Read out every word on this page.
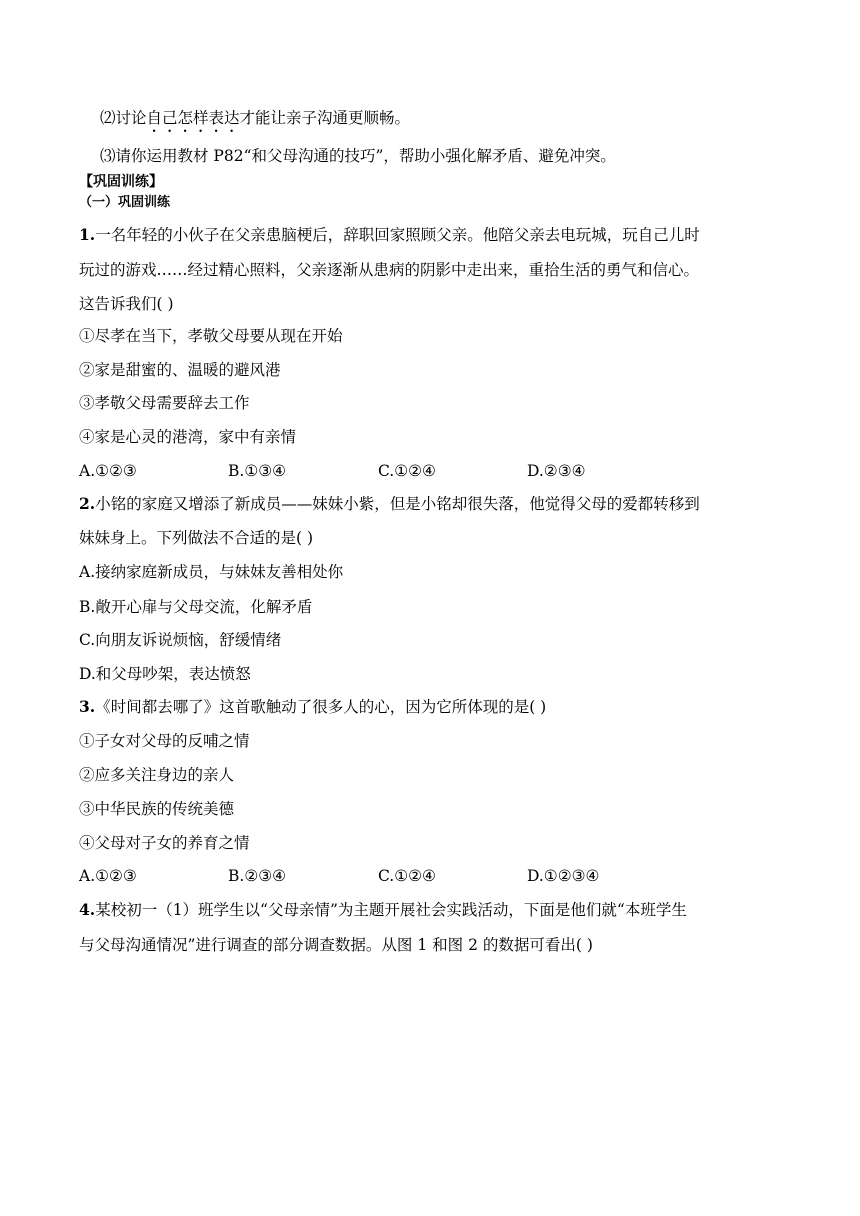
⑵讨论自己怎样表达才能让亲子沟通更顺畅。
⑶请你运用教材 P82“和父母沟通的技巧”，帮助小强化解矛盾、避免冲突。
【巩固训练】
（一）巩固训练
1.一名年轻的小伙子在父亲患脑梗后，辞职回家照顾父亲。他陪父亲去电玩城，玩自己儿时
玩过的游戏……经过精心照料，父亲逐渐从患病的阴影中走出来，重拾生活的勇气和信心。
这告诉我们( )
①尽孝在当下，孝敬父母要从现在开始
②家是甜蜜的、温暖的避风港
③孝敬父母需要辞去工作
④家是心灵的港湾，家中有亲情
A.①②③	B.①③④	C.①②④	D.②③④
2.小铭的家庭又增添了新成员——妹妹小紫，但是小铭却很失落，他觉得父母的爱都转移到
妹妹身上。下列做法不合适的是( )
A.接纳家庭新成员，与妹妹友善相处你
B.敞开心扉与父母交流，化解矛盾
C.向朋友诉说烦恼，舒缓情绪
D.和父母吵架，表达愤怒
3.《时间都去哪了》这首歌触动了很多人的心，因为它所体现的是( )
①子女对父母的反哺之情
②应多关注身边的亲人
③中华民族的传统美德
④父母对子女的养育之情
A.①②③	B.②③④	C.①②④	D.①②③④
4.某校初一（1）班学生以“父母亲情”为主题开展社会实践活动，下面是他们就“本班学生
与父母沟通情况”进行调查的部分调查数据。从图 1 和图 2 的数据可看出( )
